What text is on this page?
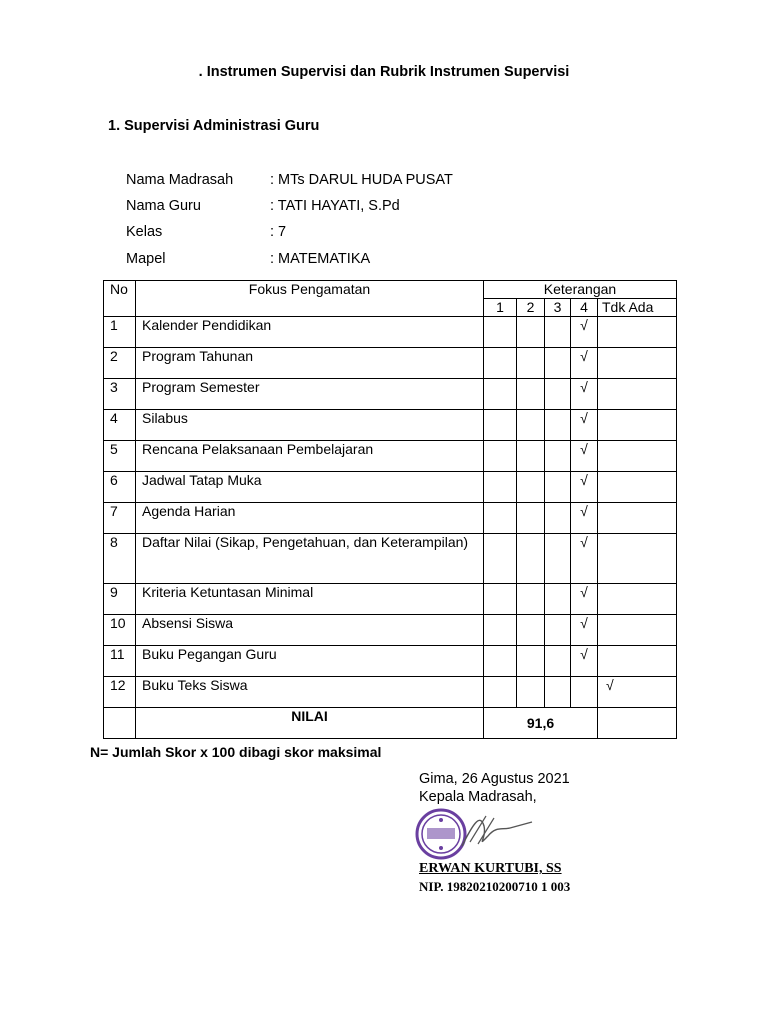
. Instrumen Supervisi dan Rubrik Instrumen Supervisi
1. Supervisi Administrasi Guru
Nama Madrasah	: MTs DARUL HUDA PUSAT
Nama Guru	: TATI HAYATI, S.Pd
Kelas	: 7
Mapel	: MATEMATIKA
No	Fokus Pengamatan	Keterangan				
		1	2	3	4	Tdk Ada
1	Kalender Pendidikan				√	
2	Program Tahunan				√	
3	Program Semester				√	
4	Silabus				√	
5	Rencana Pelaksanaan Pembelajaran				√	
6	Jadwal Tatap Muka				√	
7	Agenda Harian				√	
8	Daftar Nilai (Sikap, Pengetahuan, dan Keterampilan)				√	
9	Kriteria Ketuntasan Minimal				√	
10	Absensi Siswa				√	
11	Buku Pegangan Guru				√	
12	Buku Teks Siswa					√
	NILAI	91,6				
N= Jumlah Skor x 100 dibagi skor maksimal
Gima, 26 Agustus 2021
Kepala Madrasah,
ERWAN KURTUBI, SS
NIP. 19820210200710 1 003
